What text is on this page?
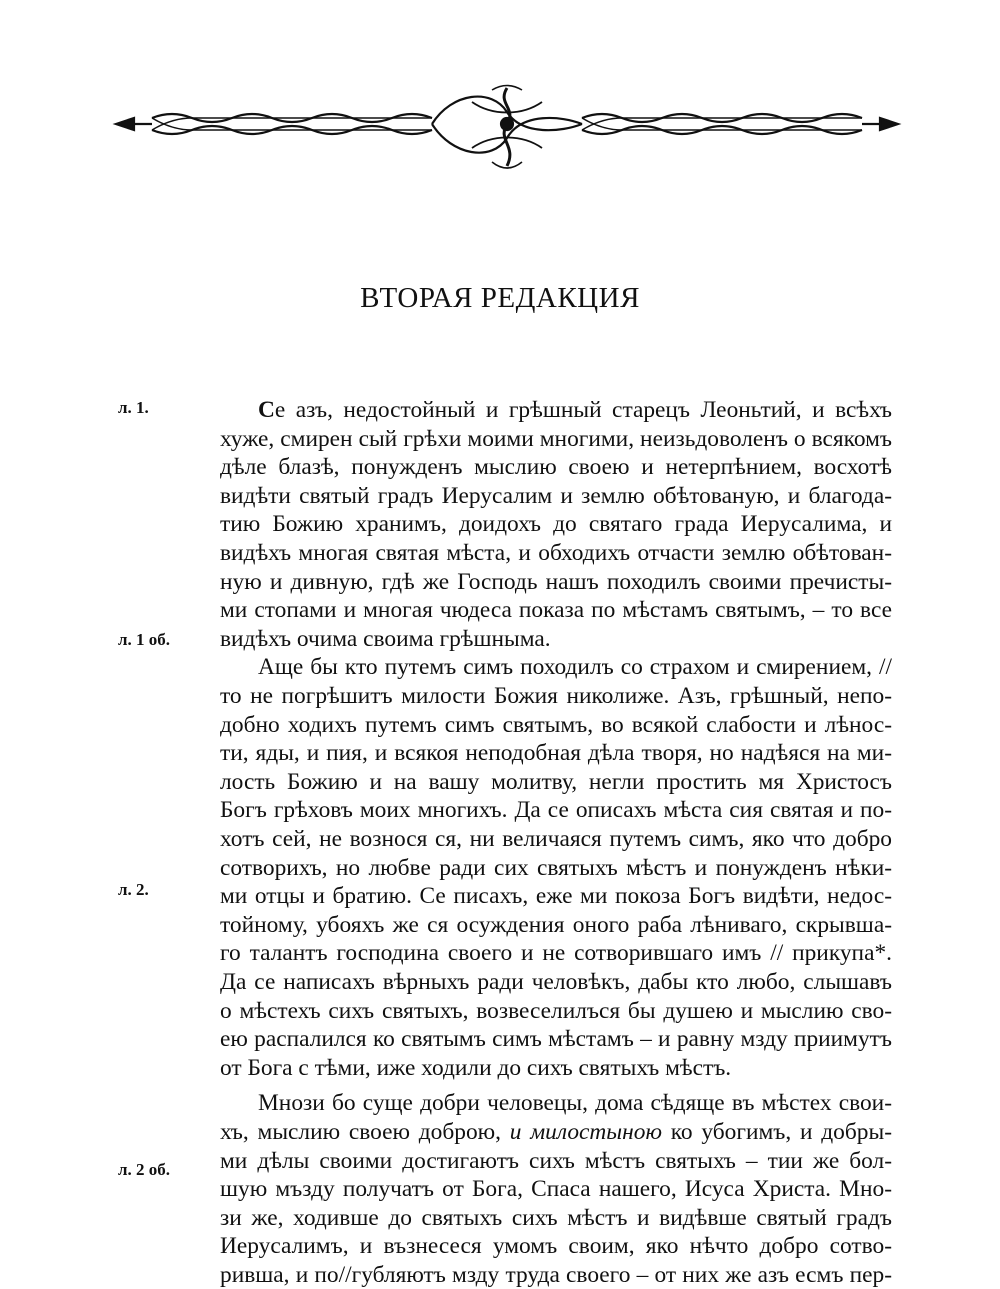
ВТОРАЯ РЕДАКЦИЯ
л. 1.
л. 1 об.
л. 2.
л. 2 об.
Се азъ, недостойный и грѣшный старецъ Леоньтий, и всѣхъ
хуже, смирен сый грѣхи моими многими, неизьдоволенъ о всякомъ
дѣле блазѣ, понужденъ мыслию своею и нетерпѣнием, восхотѣ
видѣти святый градъ Иерусалим и землю обѣтованую, и благода-
тию Божию хранимъ, доидохъ до святаго града Иерусалима, и
видѣхъ многая святая мѣста, и обходихъ отчасти землю обѣтован-
ную и дивную, гдѣ же Господь нашъ походилъ своими пречисты-
ми стопами и многая чюдеса показа по мѣстамъ святымъ, – то все
видѣхъ очима своима грѣшныма.
Аще бы кто путемъ симъ походилъ со страхом и смирением, //
то не погрѣшитъ милости Божия николиже. Азъ, грѣшный, непо-
добно ходихъ путемъ симъ святымъ, во всякой слабости и лѣнос-
ти, яды, и пия, и всякоя неподобная дѣла творя, но надѣяся на ми-
лость Божию и на вашу молитву, негли простить мя Христосъ
Богъ грѣховъ моих многихъ. Да се описахъ мѣста сия святая и по-
хотъ сей, не вознося ся, ни величаяся путемъ симъ, яко что добро
сотворихъ, но любве ради сих святыхъ мѣстъ и понужденъ нѣки-
ми отцы и братию. Се писахъ, еже ми покоза Богъ видѣти, недос-
тойному, убояхъ же ся осуждения оного раба лѣниваго, скрывша-
го талантъ господина своего и не сотворившаго имъ // прикупа*.
Да се написахъ вѣрныхъ ради человѣкъ, дабы кто любо, слышавъ
о мѣстехъ сихъ святыхъ, возвеселилъся бы душею и мыслию сво-
ею распалился ко святымъ симъ мѣстамъ – и равну мзду приимутъ
от Бога с тѣми, иже ходили до сихъ святыхъ мѣстъ.
Мнози бо суще добри человецы, дома сѣдяще въ мѣстех свои-
хъ, мыслию своею доброю, и милостыною ко убогимъ, и добры-
ми дѣлы своими достигаютъ сихъ мѣстъ святыхъ – тии же бол-
шую мъзду получатъ от Бога, Спаса нашего, Исуса Христа. Мно-
зи же, ходивше до святыхъ сихъ мѣстъ и видѣвше святый градъ
Иерусалимъ, и възнесеся умомъ своим, яко нѣчто добро сотво-
ривша, и по//губляютъ мзду труда своего – от них же азъ есмъ пер-
